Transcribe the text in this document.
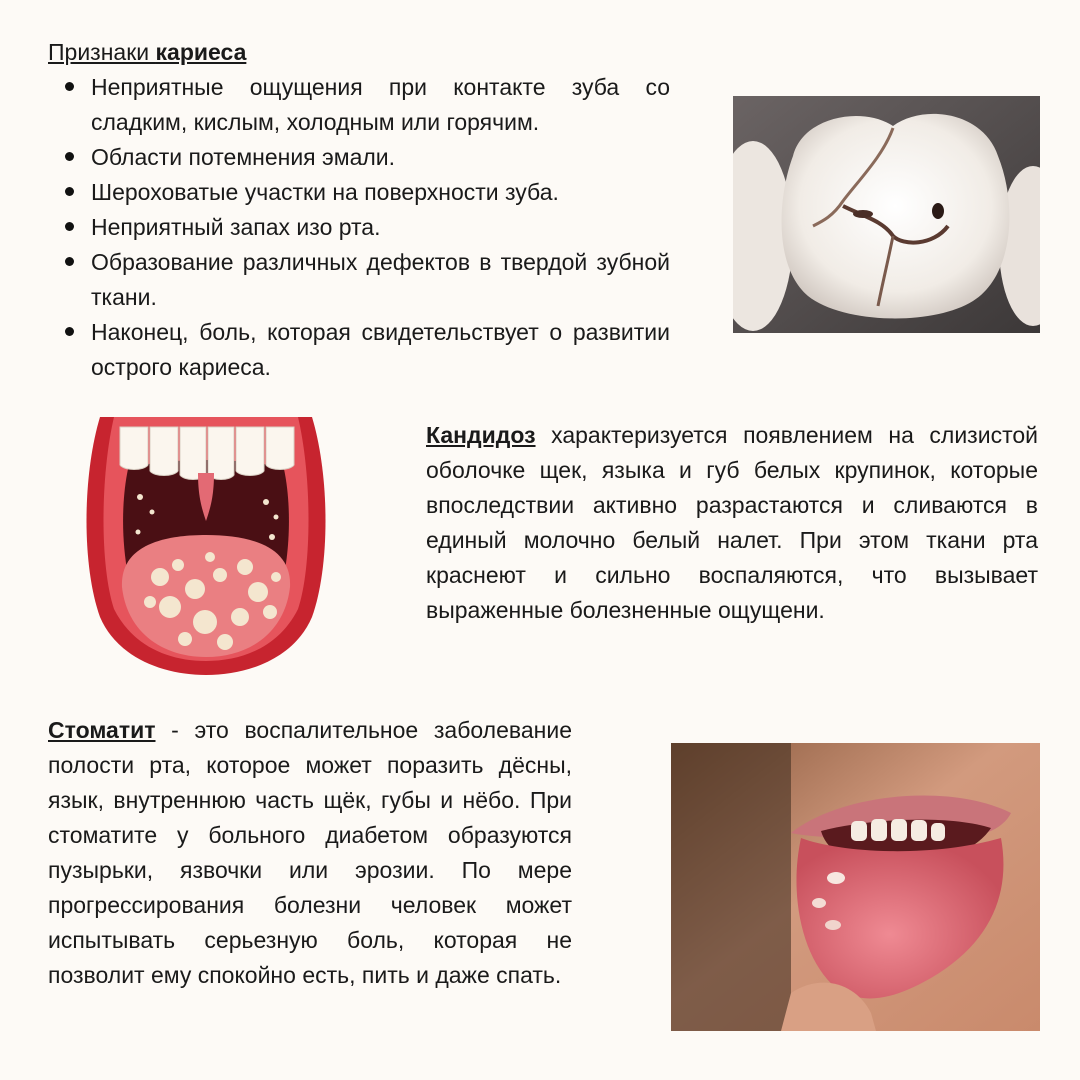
Признаки кариеса
Неприятные ощущения при контакте зуба со сладким, кислым, холодным или горячим.
Области потемнения эмали.
Шероховатые участки на поверхности зуба.
Неприятный запах изо рта.
Образование различных дефектов в твердой зубной ткани.
Наконец, боль, которая свидетельствует о развитии острого кариеса.
Кандидоз характеризуется появлением на слизистой оболочке щек, языка и губ белых крупинок, которые впоследствии активно разрастаются и сливаются в единый молочно белый налет. При этом ткани рта краснеют и сильно воспаляются, что вызывает выраженные болезненные ощущени.
Стоматит - это воспалительное заболевание полости рта, которое может поразить дёсны, язык, внутреннюю часть щёк, губы и нёбо. При стоматите у больного диабетом образуются пузырьки, язвочки или эрозии. По мере прогрессирования болезни человек может испытывать серьезную боль, которая не позволит ему спокойно есть, пить и даже спать.
